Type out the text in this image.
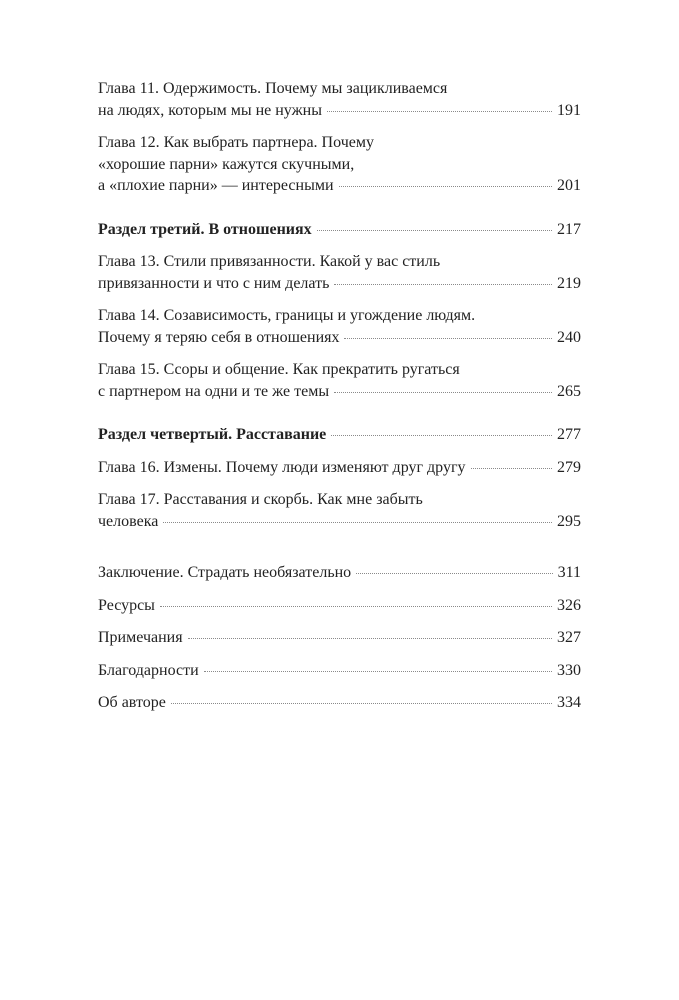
Глава 11. Одержимость. Почему мы зацикливаемся
на людях, которым мы не нужны	191
Глава 12. Как выбрать партнера. Почему
«хорошие парни» кажутся скучными,
а «плохие парни» — интересными	201
Раздел третий. В отношениях	217
Глава 13. Стили привязанности. Какой у вас стиль
привязанности и что с ним делать	219
Глава 14. Созависимость, границы и угождение людям.
Почему я теряю себя в отношениях	240
Глава 15. Ссоры и общение. Как прекратить ругаться
с партнером на одни и те же темы	265
Раздел четвертый. Расставание	277
Глава 16. Измены. Почему люди изменяют друг другу	279
Глава 17. Расставания и скорбь. Как мне забыть
человека	295
Заключение. Страдать необязательно	311
Ресурсы	326
Примечания	327
Благодарности	330
Об авторе	334
